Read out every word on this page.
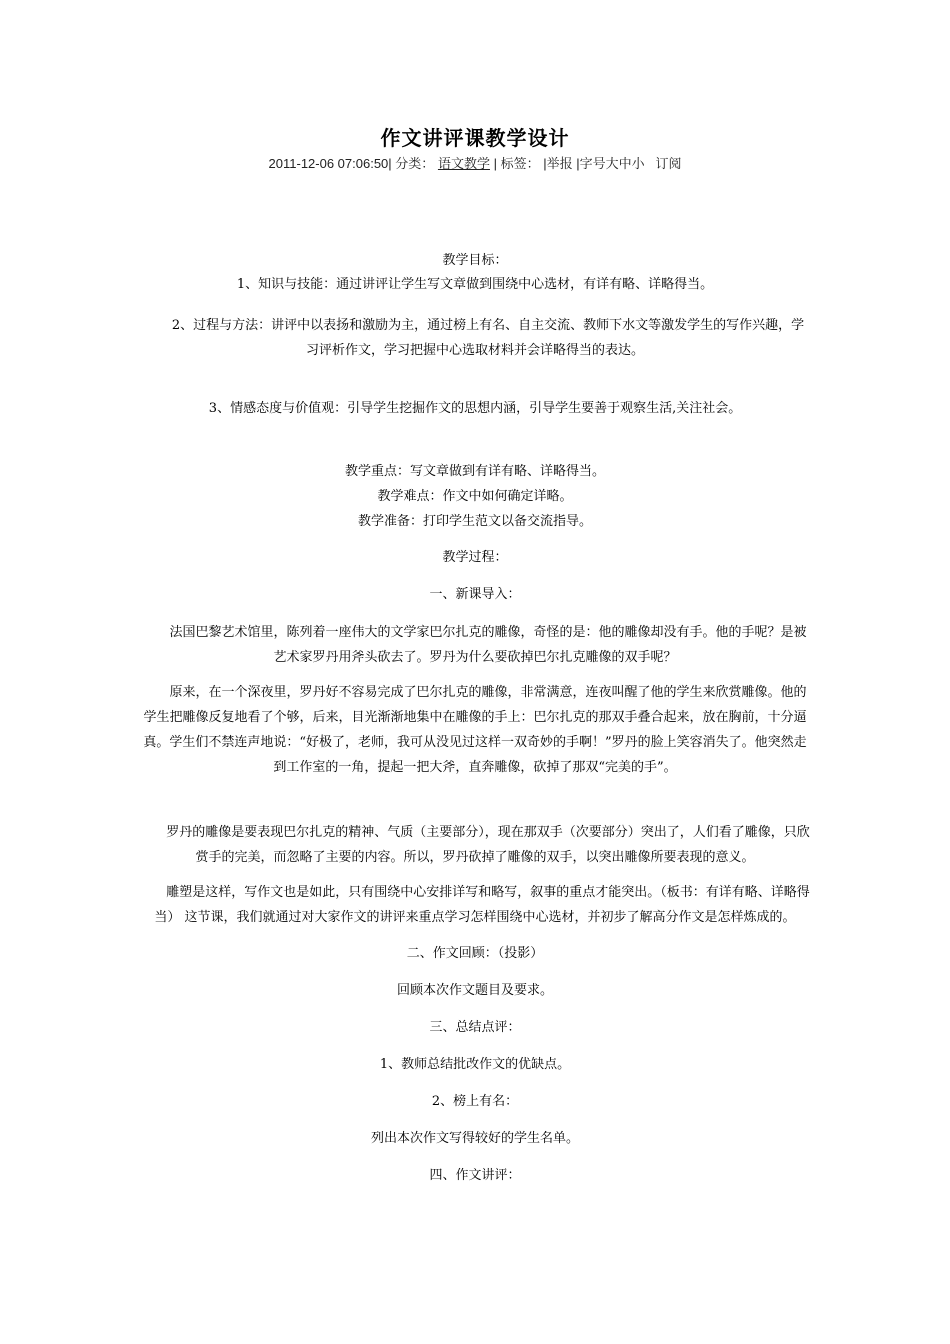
作文讲评课教学设计
2011-12-06 07:06:50| 分类： 语文教学 | 标签： |举报 |字号大中小 订阅
教学目标：
1、知识与技能：通过讲评让学生写文章做到围绕中心选材，有详有略、详略得当。
2、过程与方法：讲评中以表扬和激励为主，通过榜上有名、自主交流、教师下水文等激发学生的写作兴趣，学习评析作文，学习把握中心选取材料并会详略得当的表达。
3、情感态度与价值观：引导学生挖掘作文的思想内涵，引导学生要善于观察生活,关注社会。
教学重点：写文章做到有详有略、详略得当。
教学难点：作文中如何确定详略。
教学准备：打印学生范文以备交流指导。
教学过程：
一、新课导入：
法国巴黎艺术馆里，陈列着一座伟大的文学家巴尔扎克的雕像，奇怪的是：他的雕像却没有手。他的手呢？是被艺术家罗丹用斧头砍去了。罗丹为什么要砍掉巴尔扎克雕像的双手呢？
原来，在一个深夜里，罗丹好不容易完成了巴尔扎克的雕像，非常满意，连夜叫醒了他的学生来欣赏雕像。他的学生把雕像反复地看了个够，后来，目光渐渐地集中在雕像的手上：巴尔扎克的那双手叠合起来，放在胸前，十分逼真。学生们不禁连声地说：“好极了，老师，我可从没见过这样一双奇妙的手啊！”罗丹的脸上笑容消失了。他突然走到工作室的一角，提起一把大斧，直奔雕像，砍掉了那双“完美的手”。
罗丹的雕像是要表现巴尔扎克的精神、气质（主要部分），现在那双手（次要部分）突出了，人们看了雕像，只欣赏手的完美，而忽略了主要的内容。所以，罗丹砍掉了雕像的双手，以突出雕像所要表现的意义。
雕塑是这样，写作文也是如此，只有围绕中心安排详写和略写，叙事的重点才能突出。（板书：有详有略、详略得当） 这节课，我们就通过对大家作文的讲评来重点学习怎样围绕中心选材，并初步了解高分作文是怎样炼成的。
二、作文回顾：（投影）
回顾本次作文题目及要求。
三、总结点评：
1、教师总结批改作文的优缺点。
2、榜上有名：
列出本次作文写得较好的学生名单。
四、作文讲评：
